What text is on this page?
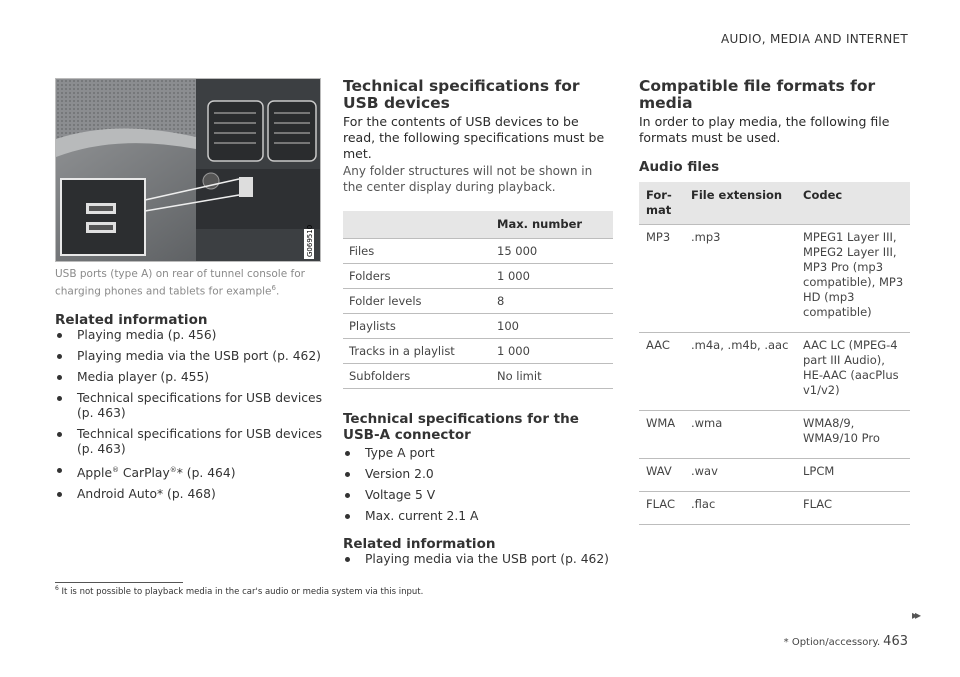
AUDIO, MEDIA AND INTERNET
G069510
USB ports (type A) on rear of tunnel console for charging phones and tablets for example$^6$.
Related information
Playing media (p. 456)
Playing media via the USB port (p. 462)
Media player (p. 455)
Technical specifications for USB devices (p. 463)
Technical specifications for USB devices (p. 463)
Apple® CarPlay®* (p. 464)
Android Auto* (p. 468)
Technical specifications for USB devices

For the contents of USB devices to be read, the following specifications must be met.

Any folder structures will not be shown in the center display during playback.

	Max. number
Files	15 000
Folders	1 000
Folder levels	8
Playlists	100
Tracks in a playlist	1 000
Subfolders	No limit
Technical specifications for the USB-A connector
Type A port
Version 2.0
Voltage 5 V
Max. current 2.1 A
Related information
Playing media via the USB port (p. 462)
Compatible file formats for media

In order to play media, the following file formats must be used.

Audio files
For-
mat	File extension	Codec
MP3	.mp3	MPEG1 Layer III, MPEG2 Layer III, MP3 Pro (mp3 compatible), MP3 HD (mp3 compatible)
AAC	.m4a, .m4b, .aac	AAC LC (MPEG-4 part III Audio), HE-AAC (aacPlus v1/v2)
WMA	.wma	WMA8/9, WMA9/10 Pro
WAV	.wav	LPCM
FLAC	.flac	FLAC
$^6$ It is not possible to playback media in the car's audio or media system via this input.
▸▸
* Option/accessory. 463
